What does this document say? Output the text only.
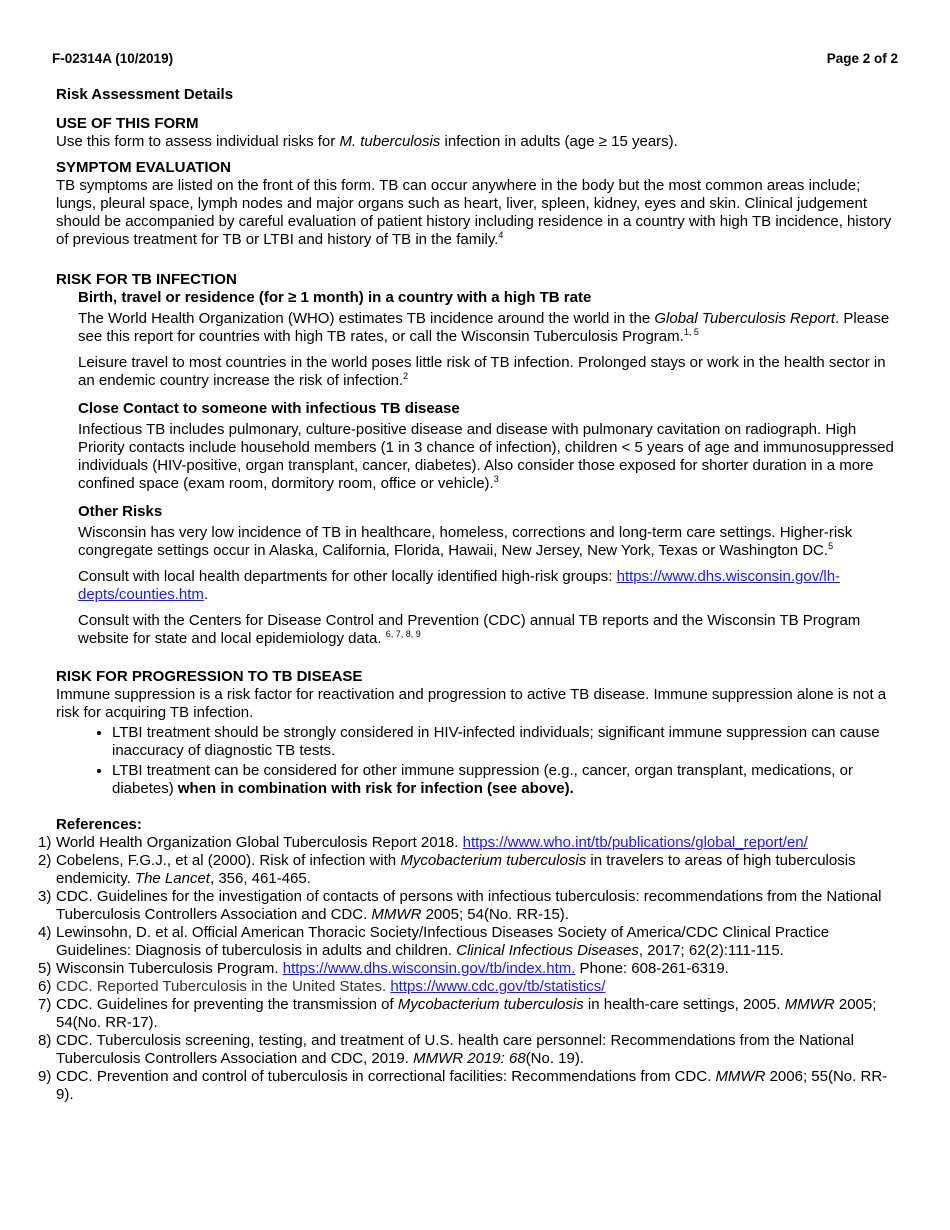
F-02314A (10/2019)	Page 2 of 2
Risk Assessment Details
USE OF THIS FORM

Use this form to assess individual risks for M. tuberculosis infection in adults (age ≥ 15 years).

SYMPTOM EVALUATION

TB symptoms are listed on the front of this form. TB can occur anywhere in the body but the most common areas include; lungs, pleural space, lymph nodes and major organs such as heart, liver, spleen, kidney, eyes and skin. Clinical judgement should be accompanied by careful evaluation of patient history including residence in a country with high TB incidence, history of previous treatment for TB or LTBI and history of TB in the family.$^4$

RISK FOR TB INFECTION
Birth, travel or residence (for ≥ 1 month) in a country with a high TB rate

The World Health Organization (WHO) estimates TB incidence around the world in the Global Tuberculosis Report. Please see this report for countries with high TB rates, or call the Wisconsin Tuberculosis Program.$^{1, 5}$

Leisure travel to most countries in the world poses little risk of TB infection. Prolonged stays or work in the health sector in an endemic country increase the risk of infection.$^2$

Close Contact to someone with infectious TB disease

Infectious TB includes pulmonary, culture-positive disease and disease with pulmonary cavitation on radiograph. High Priority contacts include household members (1 in 3 chance of infection), children < 5 years of age and immunosuppressed individuals (HIV-positive, organ transplant, cancer, diabetes). Also consider those exposed for shorter duration in a more confined space (exam room, dormitory room, office or vehicle).$^3$

Other Risks

Wisconsin has very low incidence of TB in healthcare, homeless, corrections and long-term care settings. Higher-risk congregate settings occur in Alaska, California, Florida, Hawaii, New Jersey, New York, Texas or Washington DC.$^5$

Consult with local health departments for other locally identified high-risk groups: https://www.dhs.wisconsin.gov/lh-depts/counties.htm.

Consult with the Centers for Disease Control and Prevention (CDC) annual TB reports and the Wisconsin TB Program website for state and local epidemiology data. $^{6, 7, 8, 9}$

RISK FOR PROGRESSION TO TB DISEASE

Immune suppression is a risk factor for reactivation and progression to active TB disease. Immune suppression alone is not a risk for acquiring TB infection.

• LTBI treatment should be strongly considered in HIV-infected individuals; significant immune suppression can cause inaccuracy of diagnostic TB tests.
• LTBI treatment can be considered for other immune suppression (e.g., cancer, organ transplant, medications, or diabetes) when in combination with risk for infection (see above).
References:
1) World Health Organization Global Tuberculosis Report 2018. https://www.who.int/tb/publications/global_report/en/
2) Cobelens, F.G.J., et al (2000). Risk of infection with Mycobacterium tuberculosis in travelers to areas of high tuberculosis endemicity. The Lancet, 356, 461-465.
3) CDC. Guidelines for the investigation of contacts of persons with infectious tuberculosis: recommendations from the National Tuberculosis Controllers Association and CDC. MMWR 2005; 54(No. RR-15).
4) Lewinsohn, D. et al. Official American Thoracic Society/Infectious Diseases Society of America/CDC Clinical Practice Guidelines: Diagnosis of tuberculosis in adults and children. Clinical Infectious Diseases, 2017; 62(2):111-115.
5) Wisconsin Tuberculosis Program. https://www.dhs.wisconsin.gov/tb/index.htm. Phone: 608-261-6319.
6) CDC. Reported Tuberculosis in the United States. https://www.cdc.gov/tb/statistics/
7) CDC. Guidelines for preventing the transmission of Mycobacterium tuberculosis in health-care settings, 2005. MMWR 2005; 54(No. RR-17).
8) CDC. Tuberculosis screening, testing, and treatment of U.S. health care personnel: Recommendations from the National Tuberculosis Controllers Association and CDC, 2019. MMWR 2019: 68(No. 19).
9) CDC. Prevention and control of tuberculosis in correctional facilities: Recommendations from CDC. MMWR 2006; 55(No. RR-9).
